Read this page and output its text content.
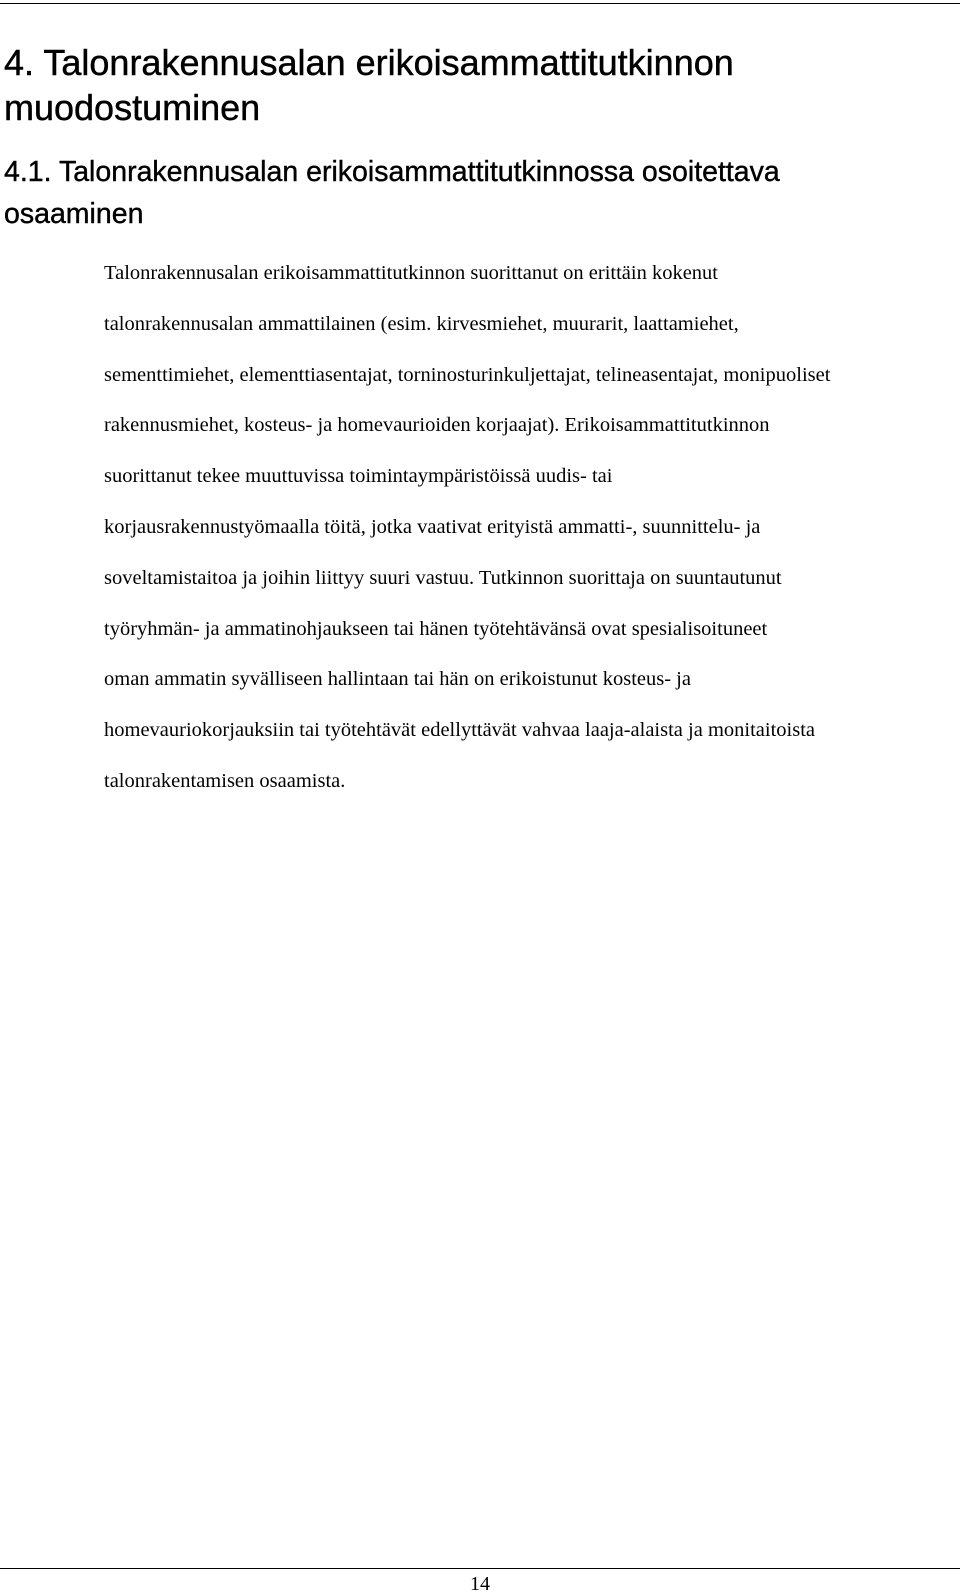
4. Talonrakennusalan erikoisammattitutkinnon
muodostuminen
4.1. Talonrakennusalan erikoisammattitutkinnossa osoitettava
osaaminen
Talonrakennusalan erikoisammattitutkinnon suorittanut on erittäin kokenut
talonrakennusalan ammattilainen (esim. kirvesmiehet, muurarit, laattamiehet,
sementtimiehet, elementtiasentajat, torninosturinkuljettajat, telineasentajat, monipuoliset
rakennusmiehet, kosteus- ja homevaurioiden korjaajat). Erikoisammattitutkinnon
suorittanut tekee muuttuvissa toimintaympäristöissä uudis- tai
korjausrakennustyömaalla töitä, jotka vaativat erityistä ammatti-, suunnittelu- ja
soveltamistaitoa ja joihin liittyy suuri vastuu. Tutkinnon suorittaja on suuntautunut
työryhmän- ja ammatinohjaukseen tai hänen työtehtävänsä ovat spesialisoituneet
oman ammatin syvälliseen hallintaan tai hän on erikoistunut kosteus- ja
homevauriokorjauksiin tai työtehtävät edellyttävät vahvaa laaja-alaista ja monitaitoista
talonrakentamisen osaamista.
14
